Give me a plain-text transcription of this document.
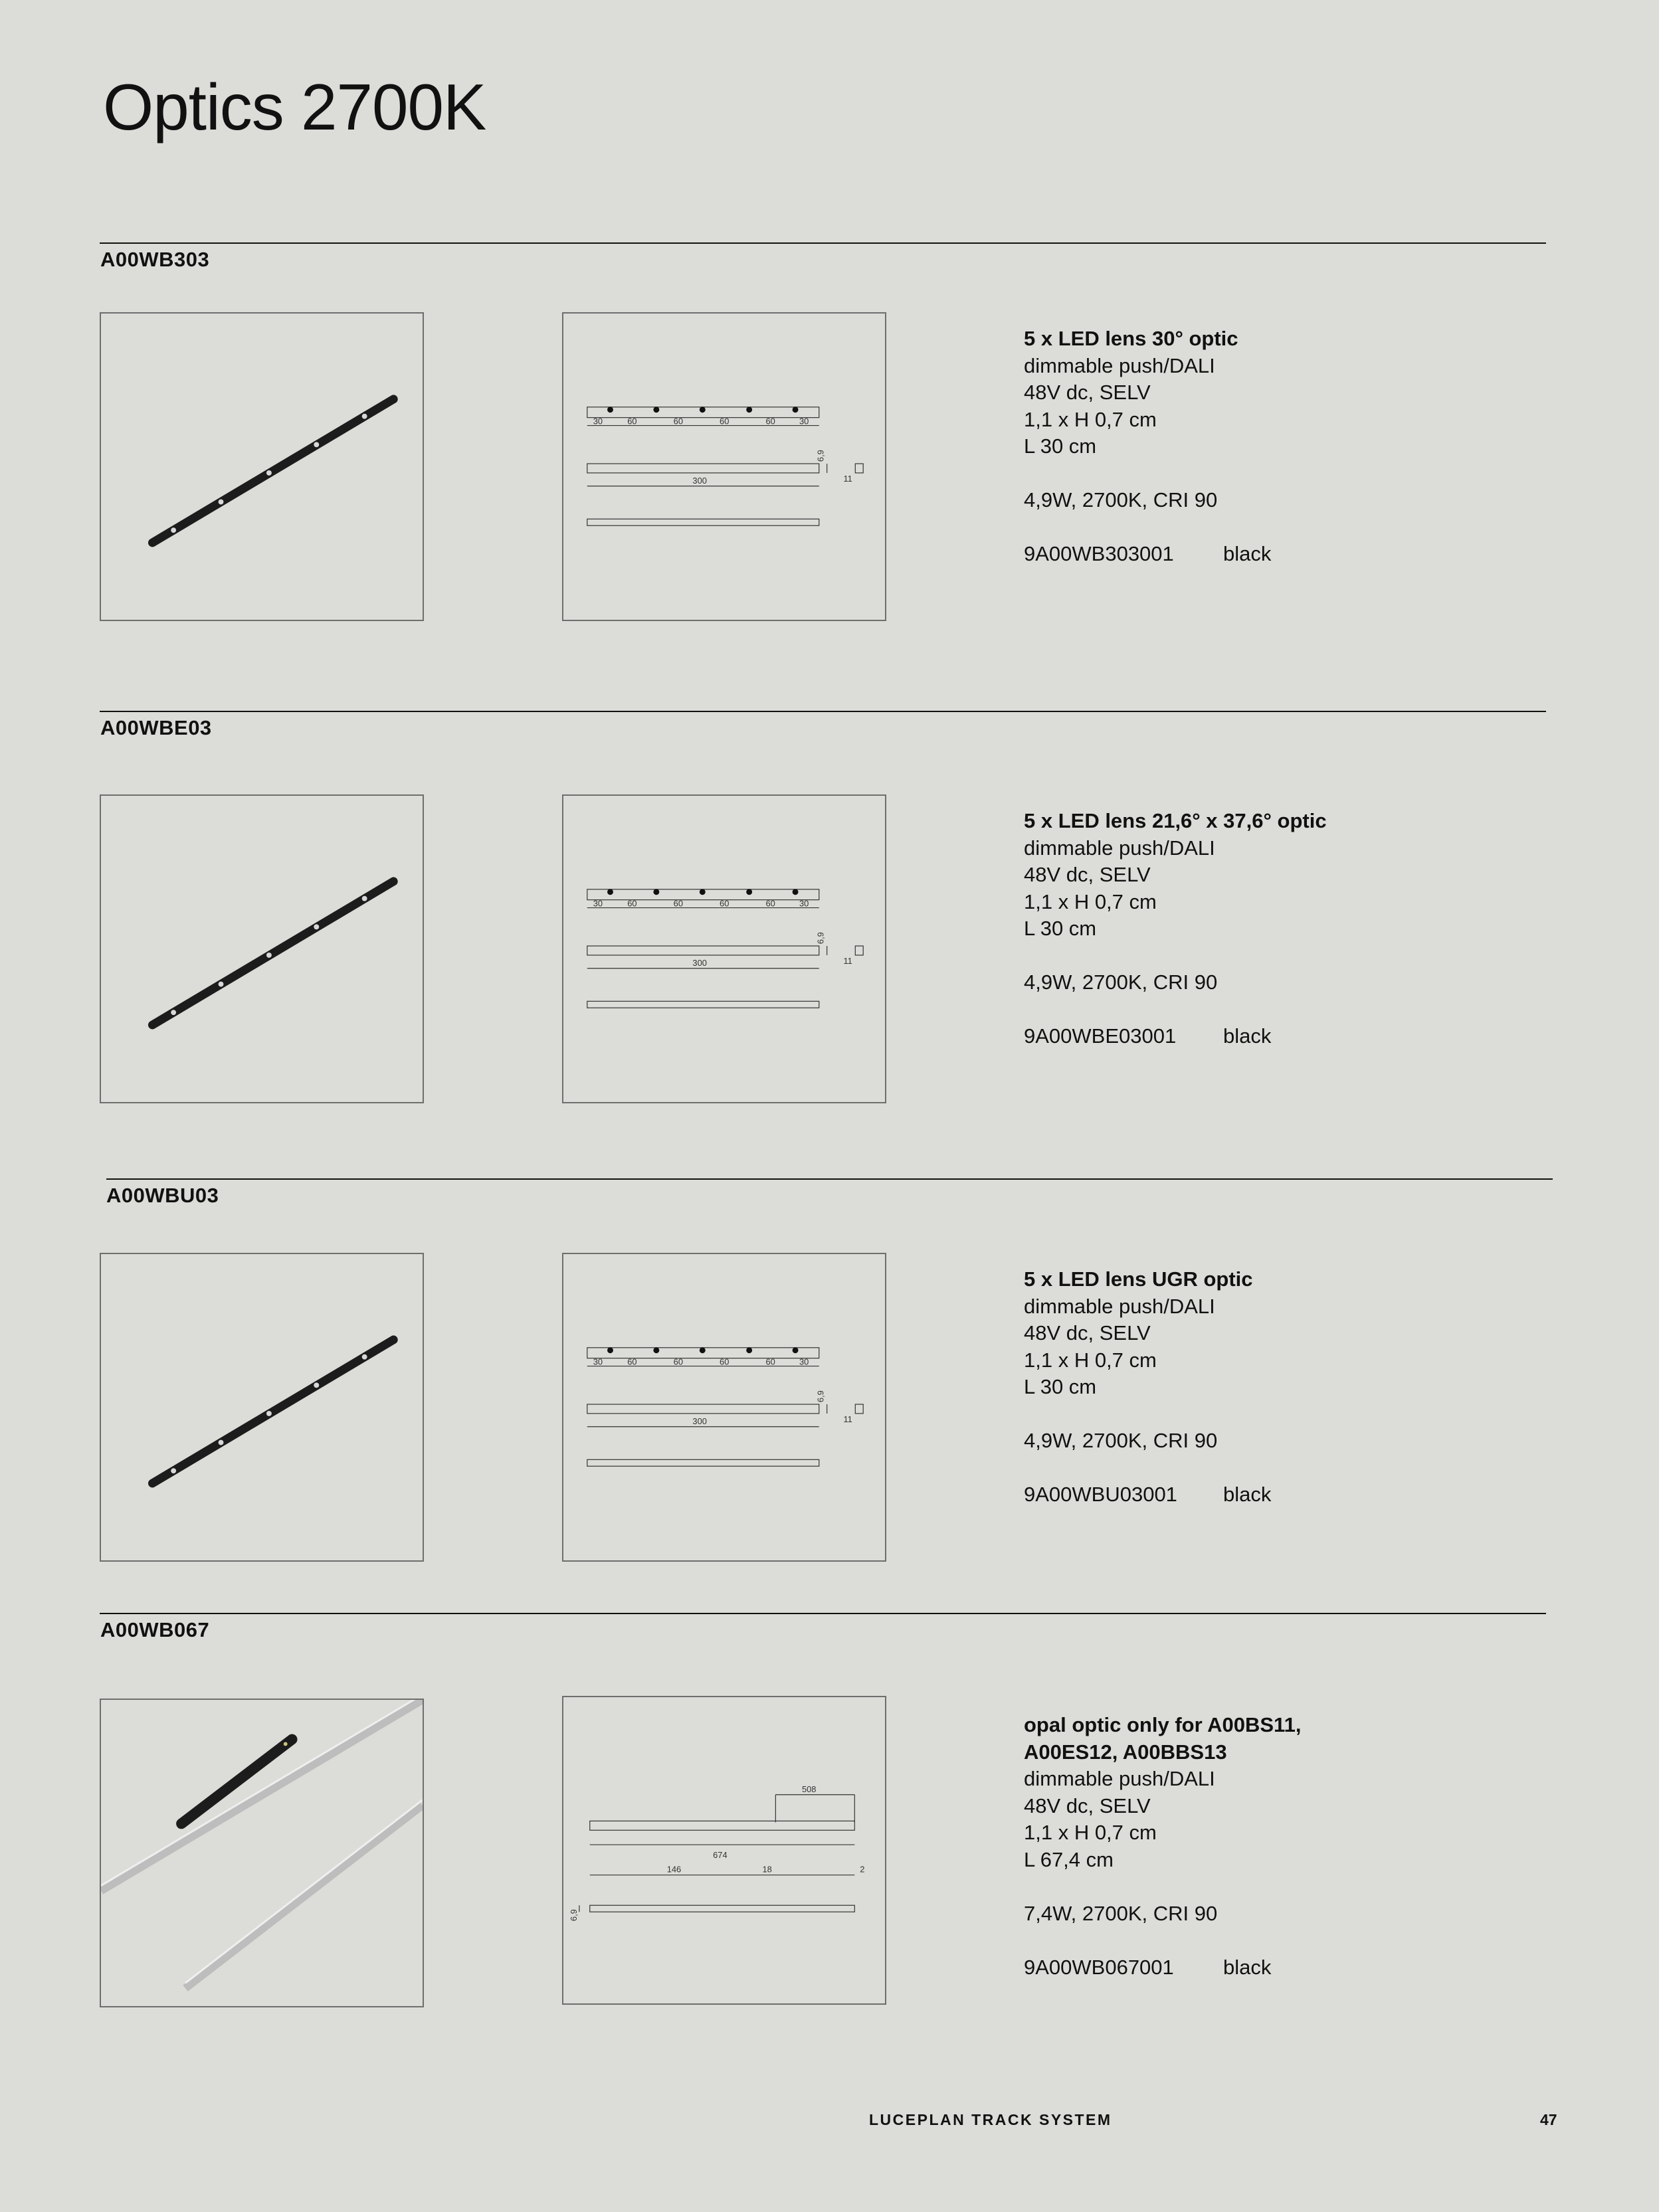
Optics 2700K
A00WB303
30	60	60	60	60	30
300
6,9
11
5 x LED lens 30° optic
dimmable push/DALI
48V dc, SELV
1,1 x H 0,7 cm
L 30 cm
4,9W, 2700K, CRI 90
9A00WB303001 black
A00WBE03
30	60	60	60	60	30
300
6,9
11
5 x LED lens 21,6° x 37,6° optic
dimmable push/DALI
48V dc, SELV
1,1 x H 0,7 cm
L 30 cm
4,9W, 2700K, CRI 90
9A00WBE03001 black
A00WBU03
30	60	60	60	60	30
300
6,9
11
5 x LED lens UGR optic
dimmable push/DALI
48V dc, SELV
1,1 x H 0,7 cm
L 30 cm
4,9W, 2700K, CRI 90
9A00WBU03001 black
A00WB067
508
674
146	18	2
6,9
opal optic only for A00BS11,
A00ES12, A00BBS13
dimmable push/DALI
48V dc, SELV
1,1 x H 0,7 cm
L 67,4 cm
7,4W, 2700K, CRI 90
9A00WB067001 black
LUCEPLAN TRACK SYSTEM	47
